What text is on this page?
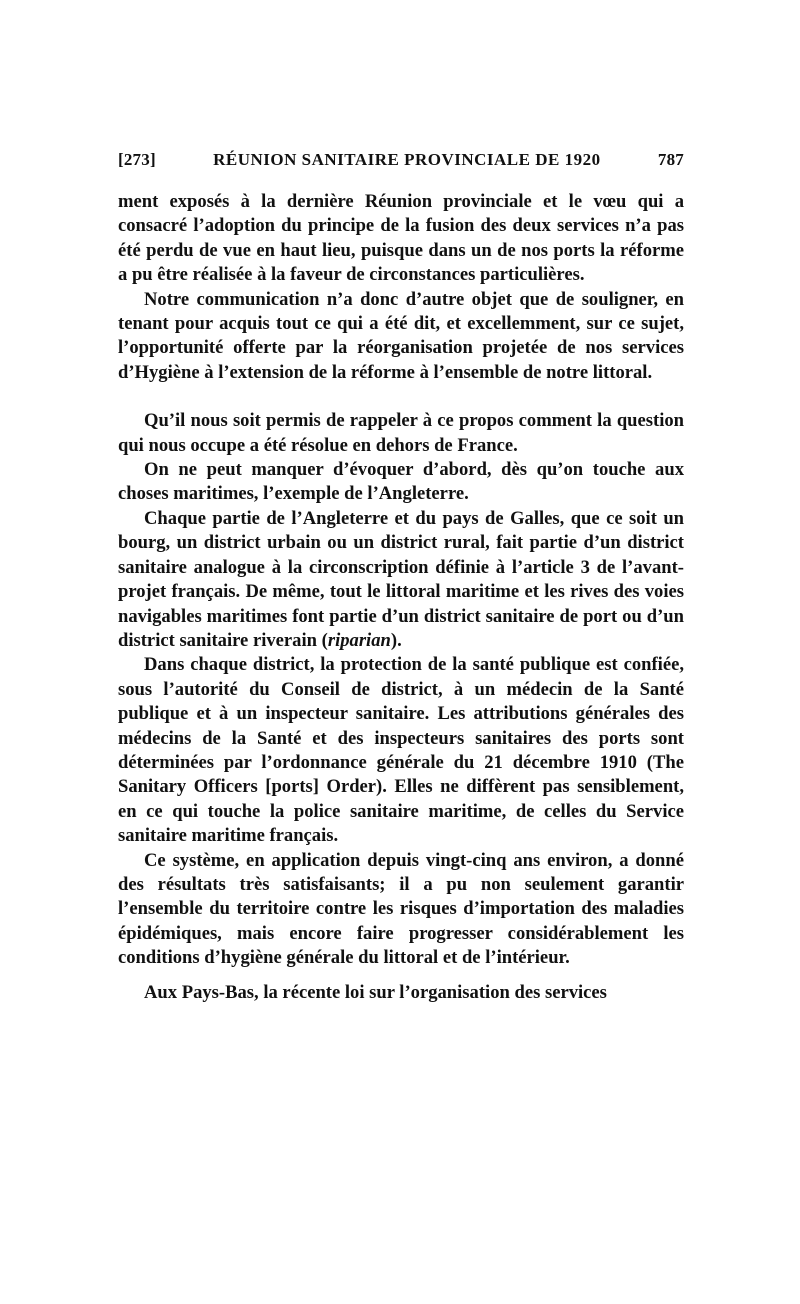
[273]	RÉUNION SANITAIRE PROVINCIALE DE 1920	787

ment exposés à la dernière Réunion provinciale et le vœu qui a consacré l’adoption du principe de la fusion des deux services n’a pas été perdu de vue en haut lieu, puisque dans un de nos ports la réforme a pu être réalisée à la faveur de circonstances particulières.

Notre communication n’a donc d’autre objet que de souligner, en tenant pour acquis tout ce qui a été dit, et excellemment, sur ce sujet, l’opportunité offerte par la réorganisation projetée de nos services d’Hygiène à l’extension de la réforme à l’ensemble de notre littoral.

Qu’il nous soit permis de rappeler à ce propos comment la question qui nous occupe a été résolue en dehors de France.

On ne peut manquer d’évoquer d’abord, dès qu’on touche aux choses maritimes, l’exemple de l’Angleterre.

Chaque partie de l’Angleterre et du pays de Galles, que ce soit un bourg, un district urbain ou un district rural, fait partie d’un district sanitaire analogue à la circonscription définie à l’article 3 de l’avant-projet français. De même, tout le littoral maritime et les rives des voies navigables maritimes font partie d’un district sanitaire de port ou d’un district sanitaire riverain (riparian).

Dans chaque district, la protection de la santé publique est confiée, sous l’autorité du Conseil de district, à un médecin de la Santé publique et à un inspecteur sanitaire. Les attributions générales des médecins de la Santé et des inspecteurs sanitaires des ports sont déterminées par l’ordonnance générale du 21 décembre 1910 (The Sanitary Officers [ports] Order). Elles ne diffèrent pas sensiblement, en ce qui touche la police sanitaire maritime, de celles du Service sanitaire maritime français.

Ce système, en application depuis vingt-cinq ans environ, a donné des résultats très satisfaisants; il a pu non seulement garantir l’ensemble du territoire contre les risques d’importation des maladies épidémiques, mais encore faire progresser considérablement les conditions d’hygiène générale du littoral et de l’intérieur.

Aux Pays-Bas, la récente loi sur l’organisation des services
